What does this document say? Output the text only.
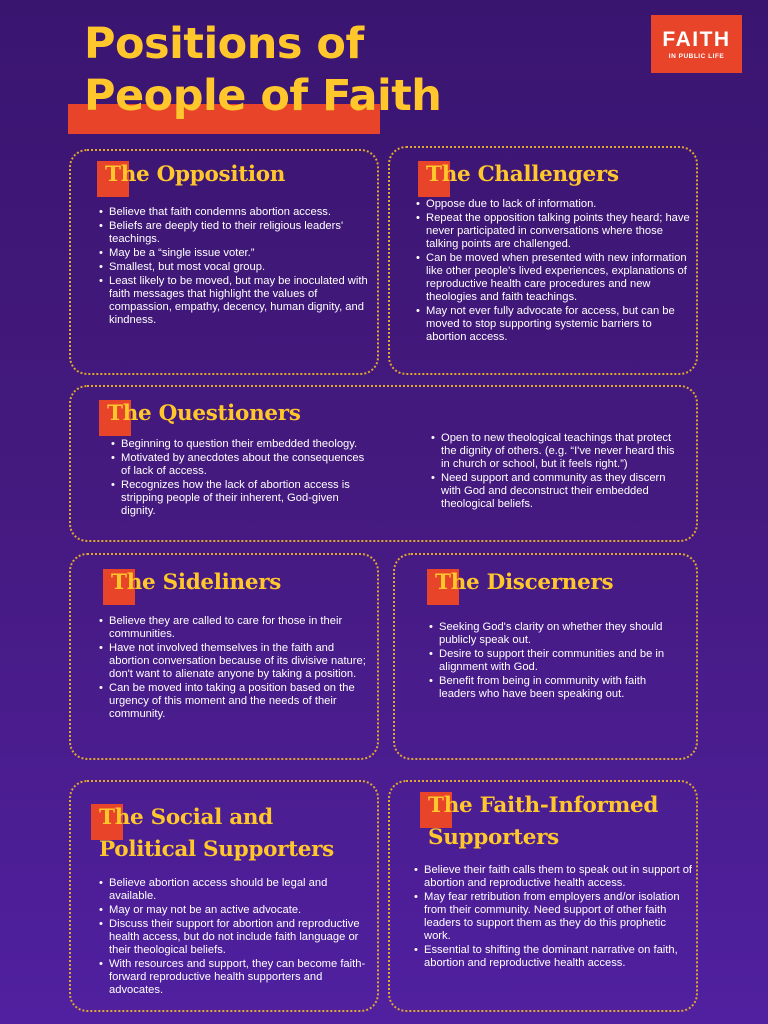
Positions of
People of Faith
FAITH
IN PUBLIC LIFE
The Opposition
• Believe that faith condemns abortion access.
• Beliefs are deeply tied to their religious leaders' teachings.
• May be a “single issue voter.”
• Smallest, but most vocal group.
• Least likely to be moved, but may be inoculated with faith messages that highlight the values of compassion, empathy, decency, human dignity, and kindness.
The Challengers
• Oppose due to lack of information.
• Repeat the opposition talking points they heard; have never participated in conversations where those talking points are challenged.
• Can be moved when presented with new information like other people's lived experiences, explanations of reproductive health care procedures and new theologies and faith teachings.
• May not ever fully advocate for access, but can be moved to stop supporting systemic barriers to abortion access.
The Questioners
• Beginning to question their embedded theology.
• Motivated by anecdotes about the consequences of lack of access.
• Recognizes how the lack of abortion access is stripping people of their inherent, God-given dignity.
• Open to new theological teachings that protect the dignity of others. (e.g. “I've never heard this in church or school, but it feels right.”)
• Need support and community as they discern with God and deconstruct their embedded theological beliefs.
The Sideliners
• Believe they are called to care for those in their communities.
• Have not involved themselves in the faith and abortion conversation because of its divisive nature; don't want to alienate anyone by taking a position.
• Can be moved into taking a position based on the urgency of this moment and the needs of their community.
The Discerners
• Seeking God's clarity on whether they should publicly speak out.
• Desire to support their communities and be in alignment with God.
• Benefit from being in community with faith leaders who have been speaking out.
The Social and
Political Supporters
• Believe abortion access should be legal and available.
• May or may not be an active advocate.
• Discuss their support for abortion and reproductive health access, but do not include faith language or their theological beliefs.
• With resources and support, they can become faith-forward reproductive health supporters and advocates.
The Faith-Informed
Supporters
• Believe their faith calls them to speak out in support of abortion and reproductive health access.
• May fear retribution from employers and/or isolation from their community. Need support of other faith leaders to support them as they do this prophetic work.
• Essential to shifting the dominant narrative on faith, abortion and reproductive health access.
